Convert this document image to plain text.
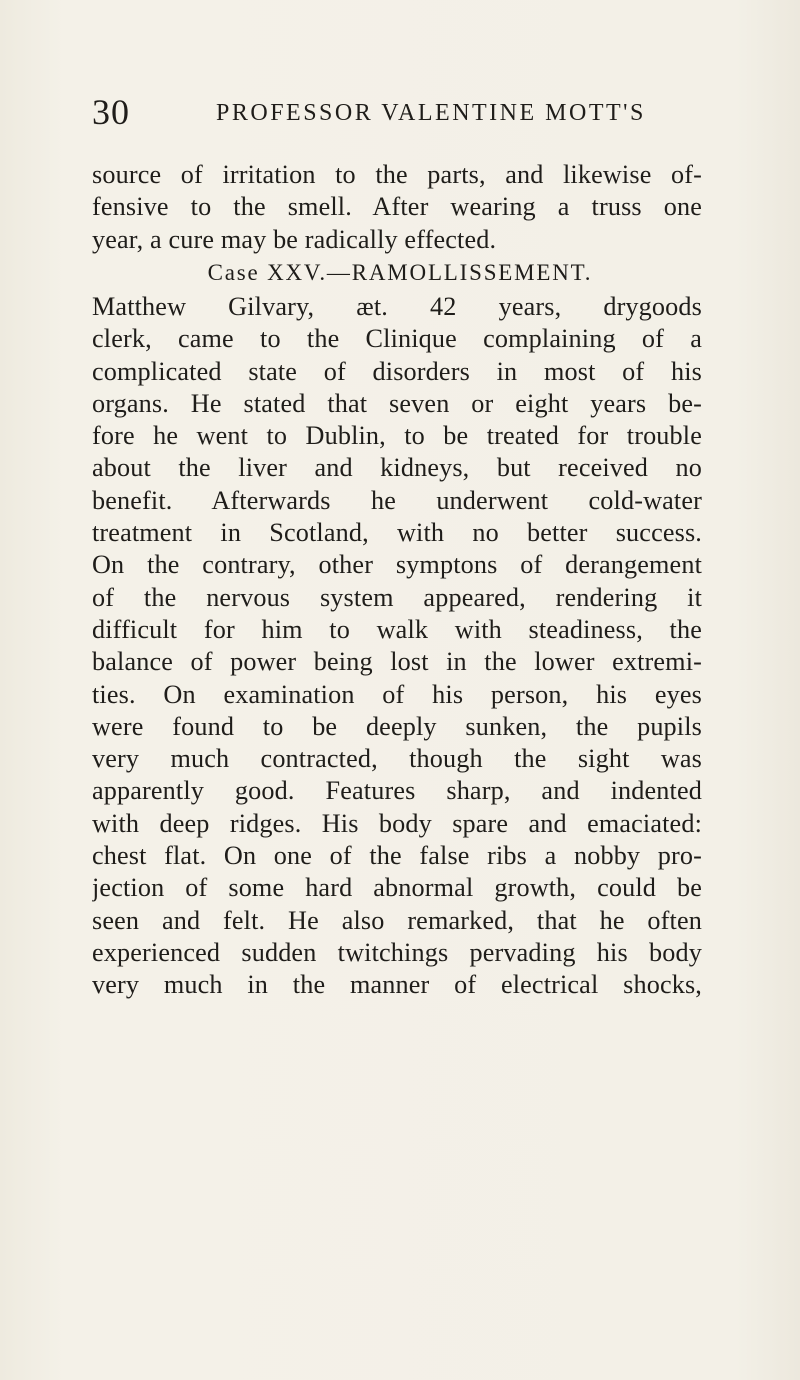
30	PROFESSOR VALENTINE MOTT'S
source of irritation to the parts, and likewise of-
fensive to the smell. After wearing a truss one
year, a cure may be radically effected.
Case XXV.—RAMOLLISSEMENT.
Matthew Gilvary, æt. 42 years, drygoods
clerk, came to the Clinique complaining of a
complicated state of disorders in most of his
organs. He stated that seven or eight years be-
fore he went to Dublin, to be treated for trouble
about the liver and kidneys, but received no
benefit. Afterwards he underwent cold-water
treatment in Scotland, with no better success.
On the contrary, other symptons of derangement
of the nervous system appeared, rendering it
difficult for him to walk with steadiness, the
balance of power being lost in the lower extremi-
ties. On examination of his person, his eyes
were found to be deeply sunken, the pupils
very much contracted, though the sight was
apparently good. Features sharp, and indented
with deep ridges. His body spare and emaciated:
chest flat. On one of the false ribs a nobby pro-
jection of some hard abnormal growth, could be
seen and felt. He also remarked, that he often
experienced sudden twitchings pervading his body
very much in the manner of electrical shocks,
